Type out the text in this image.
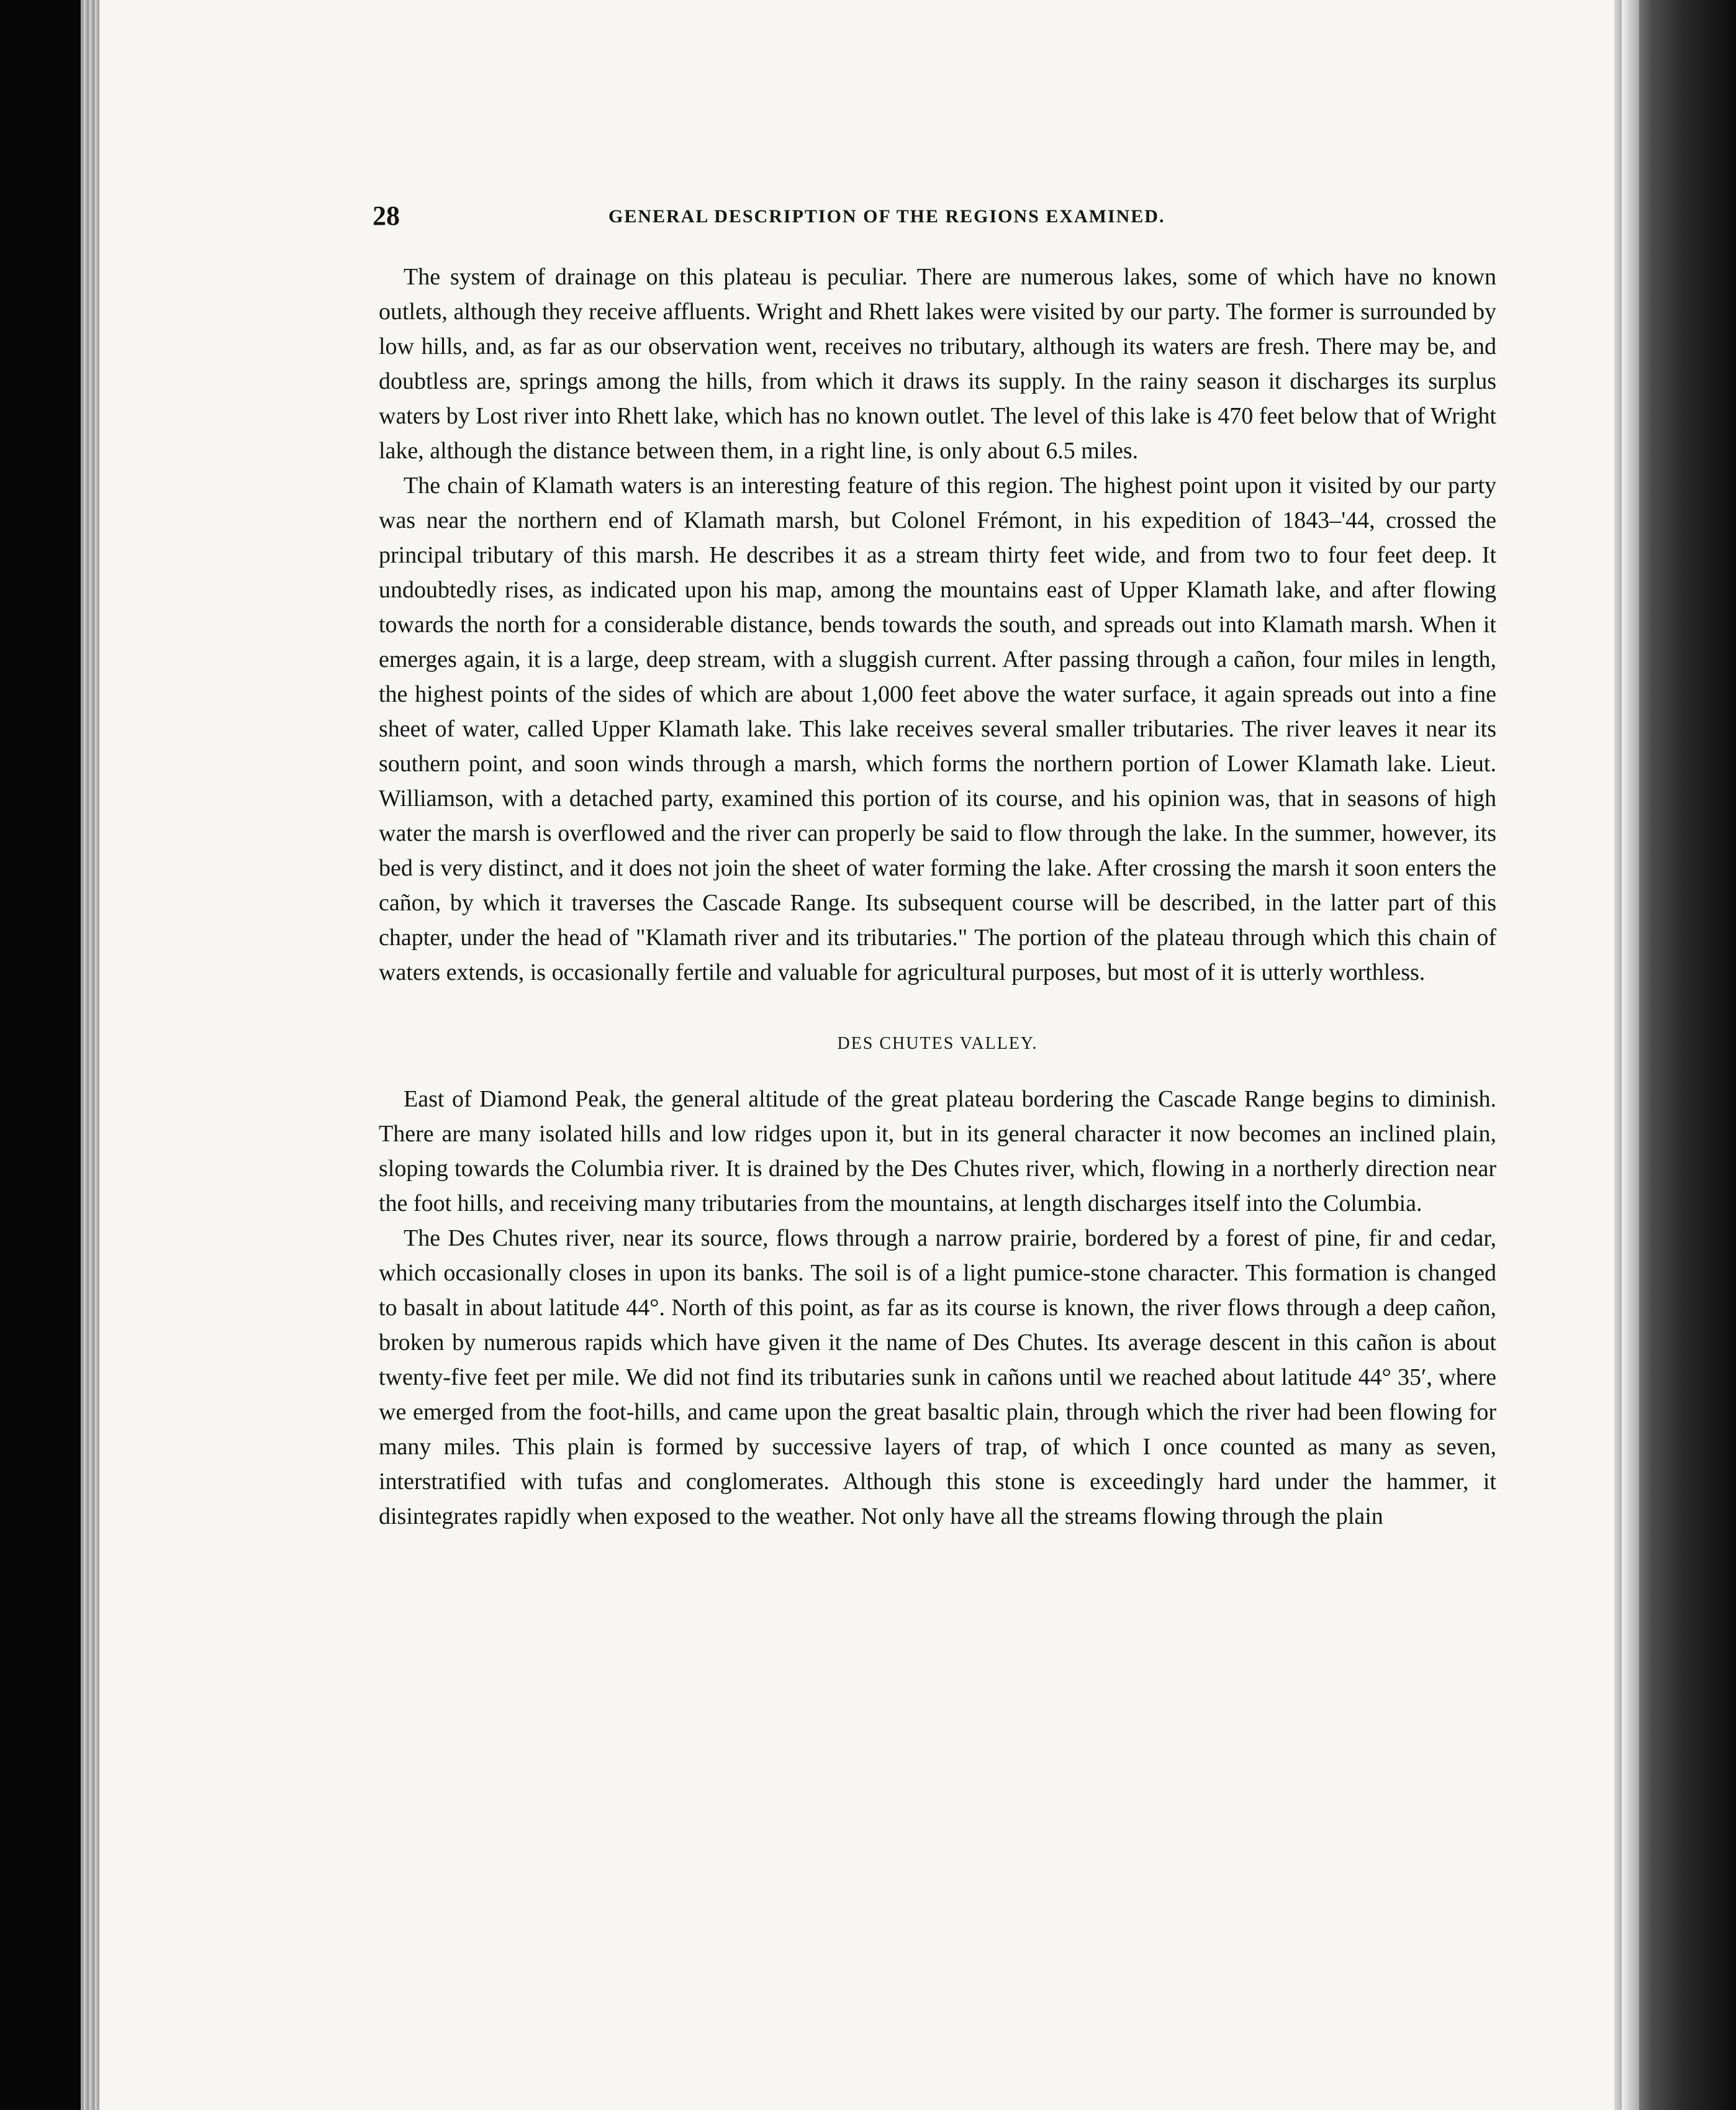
28	GENERAL DESCRIPTION OF THE REGIONS EXAMINED.

The system of drainage on this plateau is peculiar. There are numerous lakes, some of which have no known outlets, although they receive affluents. Wright and Rhett lakes were visited by our party. The former is surrounded by low hills, and, as far as our observation went, receives no tributary, although its waters are fresh. There may be, and doubtless are, springs among the hills, from which it draws its supply. In the rainy season it discharges its surplus waters by Lost river into Rhett lake, which has no known outlet. The level of this lake is 470 feet below that of Wright lake, although the distance between them, in a right line, is only about 6.5 miles.

The chain of Klamath waters is an interesting feature of this region. The highest point upon it visited by our party was near the northern end of Klamath marsh, but Colonel Frémont, in his expedition of 1843–'44, crossed the principal tributary of this marsh. He describes it as a stream thirty feet wide, and from two to four feet deep. It undoubtedly rises, as indicated upon his map, among the mountains east of Upper Klamath lake, and after flowing towards the north for a considerable distance, bends towards the south, and spreads out into Klamath marsh. When it emerges again, it is a large, deep stream, with a sluggish current. After passing through a cañon, four miles in length, the highest points of the sides of which are about 1,000 feet above the water surface, it again spreads out into a fine sheet of water, called Upper Klamath lake. This lake receives several smaller tributaries. The river leaves it near its southern point, and soon winds through a marsh, which forms the northern portion of Lower Klamath lake. Lieut. Williamson, with a detached party, examined this portion of its course, and his opinion was, that in seasons of high water the marsh is overflowed and the river can properly be said to flow through the lake. In the summer, however, its bed is very distinct, and it does not join the sheet of water forming the lake. After crossing the marsh it soon enters the cañon, by which it traverses the Cascade Range. Its subsequent course will be described, in the latter part of this chapter, under the head of "Klamath river and its tributaries." The portion of the plateau through which this chain of waters extends, is occasionally fertile and valuable for agricultural purposes, but most of it is utterly worthless.

DES CHUTES VALLEY.

East of Diamond Peak, the general altitude of the great plateau bordering the Cascade Range begins to diminish. There are many isolated hills and low ridges upon it, but in its general character it now becomes an inclined plain, sloping towards the Columbia river. It is drained by the Des Chutes river, which, flowing in a northerly direction near the foot hills, and receiving many tributaries from the mountains, at length discharges itself into the Columbia.

The Des Chutes river, near its source, flows through a narrow prairie, bordered by a forest of pine, fir and cedar, which occasionally closes in upon its banks. The soil is of a light pumice-stone character. This formation is changed to basalt in about latitude 44°. North of this point, as far as its course is known, the river flows through a deep cañon, broken by numerous rapids which have given it the name of Des Chutes. Its average descent in this cañon is about twenty-five feet per mile. We did not find its tributaries sunk in cañons until we reached about latitude 44° 35′, where we emerged from the foot-hills, and came upon the great basaltic plain, through which the river had been flowing for many miles. This plain is formed by successive layers of trap, of which I once counted as many as seven, interstratified with tufas and conglomerates. Although this stone is exceedingly hard under the hammer, it disintegrates rapidly when exposed to the weather. Not only have all the streams flowing through the plain
